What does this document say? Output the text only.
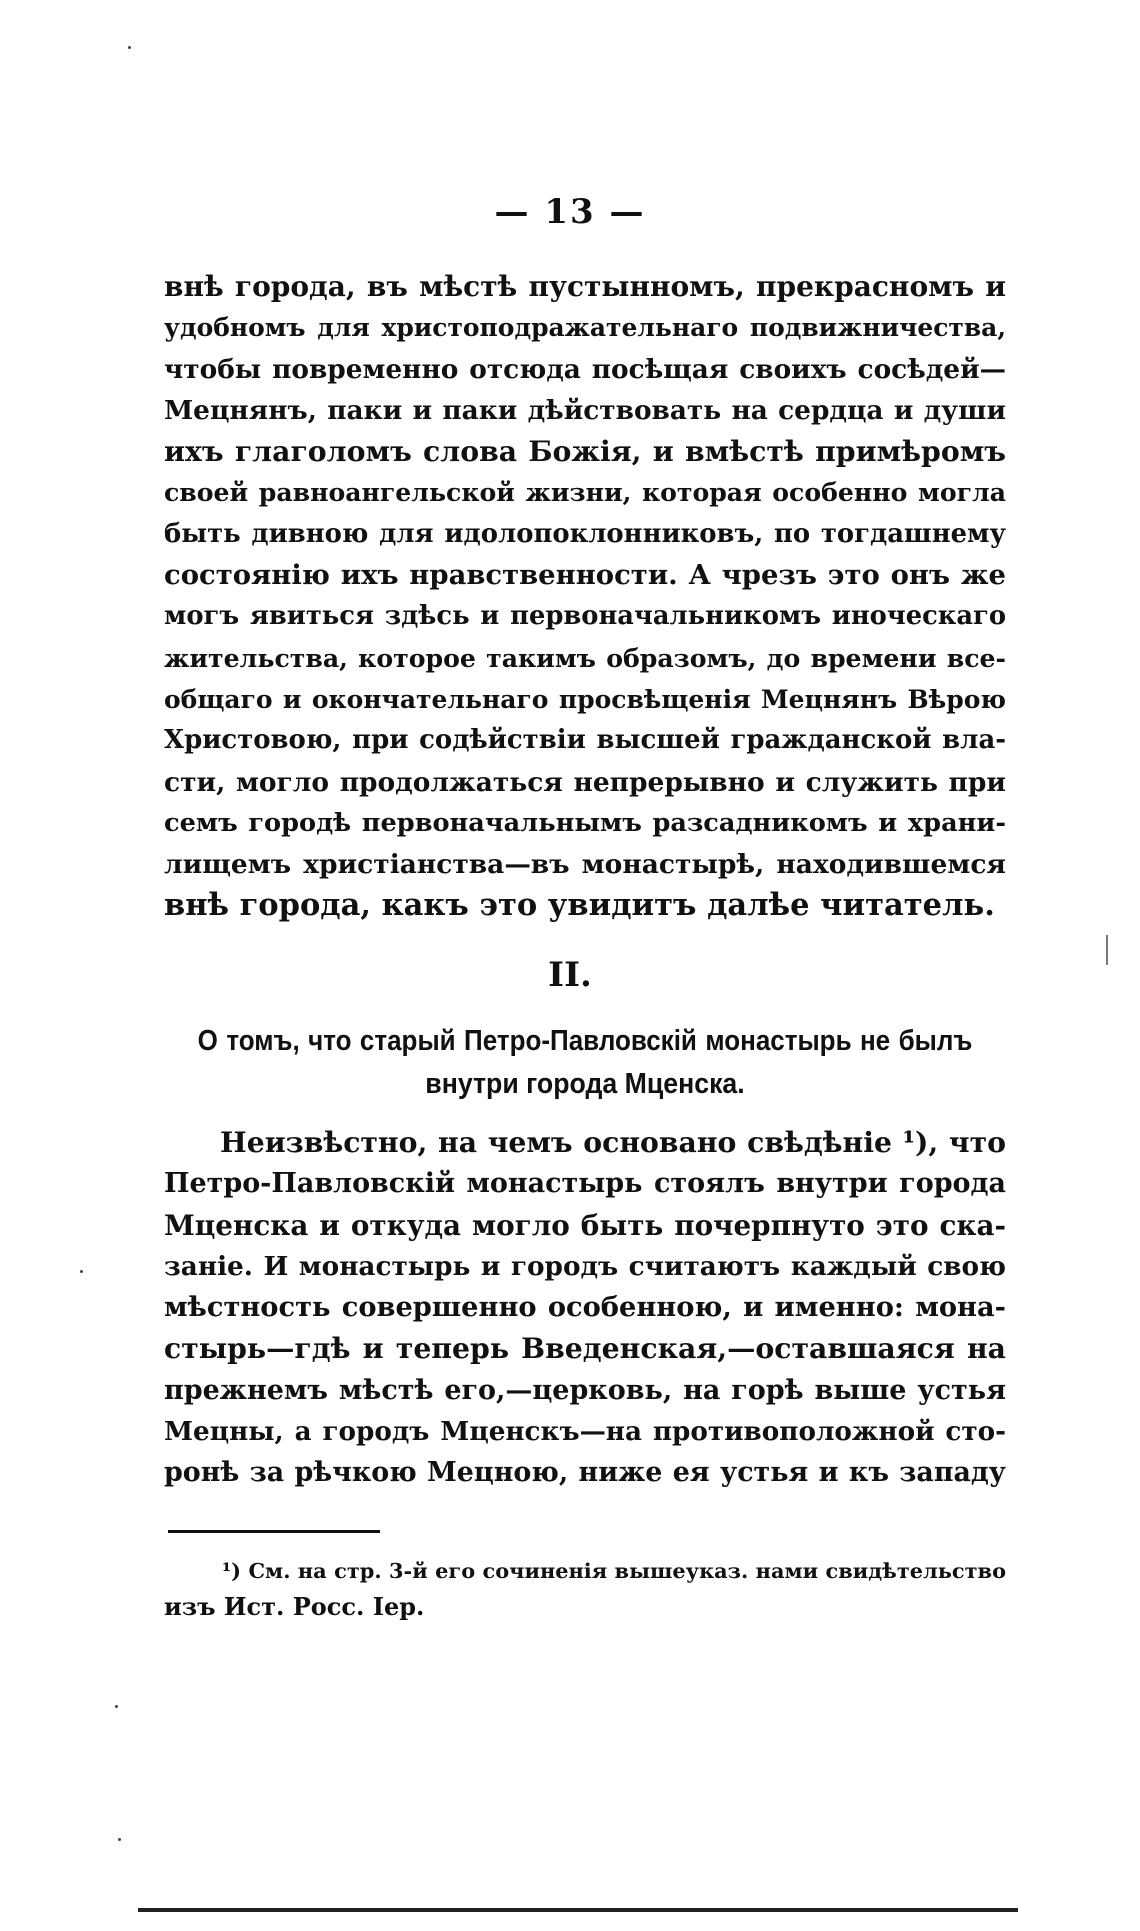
— 13 —
внѣ города, въ мѣстѣ пустынномъ, прекрасномъ и
удобномъ для христоподражательнаго подвижничества,
чтобы повременно отсюда посѣщая своихъ сосѣдей—
Мецнянъ, паки и паки дѣйствовать на сердца и души
ихъ глаголомъ слова Божія, и вмѣстѣ примѣромъ
своей равноангельской жизни, которая особенно могла
быть дивною для идолопоклонниковъ, по тогдашнему
состоянію ихъ нравственности. А чрезъ это онъ же
могъ явиться здѣсь и первоначальникомъ иноческаго
жительства, которое такимъ образомъ, до времени все-
общаго и окончательнаго просвѣщенія Мецнянъ Вѣрою
Христовою, при содѣйствіи высшей гражданской вла-
сти, могло продолжаться непрерывно и служить при
семъ городѣ первоначальнымъ разсадникомъ и храни-
лищемъ христіанства—въ монастырѣ, находившемся
внѣ города, какъ это увидитъ далѣе читатель.
II.
О томъ, что старый Петро-Павловскій монастырь не былъ
внутри города Мценска.
Неизвѣстно, на чемъ основано свѣдѣніе ¹), что
Петро-Павловскій монастырь стоялъ внутри города
Мценска и откуда могло быть почерпнуто это ска-
заніе. И монастырь и городъ считаютъ каждый свою
мѣстность совершенно особенною, и именно: мона-
стырь—гдѣ и теперь Введенская,—оставшаяся на
прежнемъ мѣстѣ его,—церковь, на горѣ выше устья
Мецны, а городъ Мценскъ—на противоположной сто-
ронѣ за рѣчкою Мецною, ниже ея устья и къ западу
¹) См. на стр. 3-й его сочиненія вышеуказ. нами свидѣтельство
изъ Ист. Росс. Іер.
